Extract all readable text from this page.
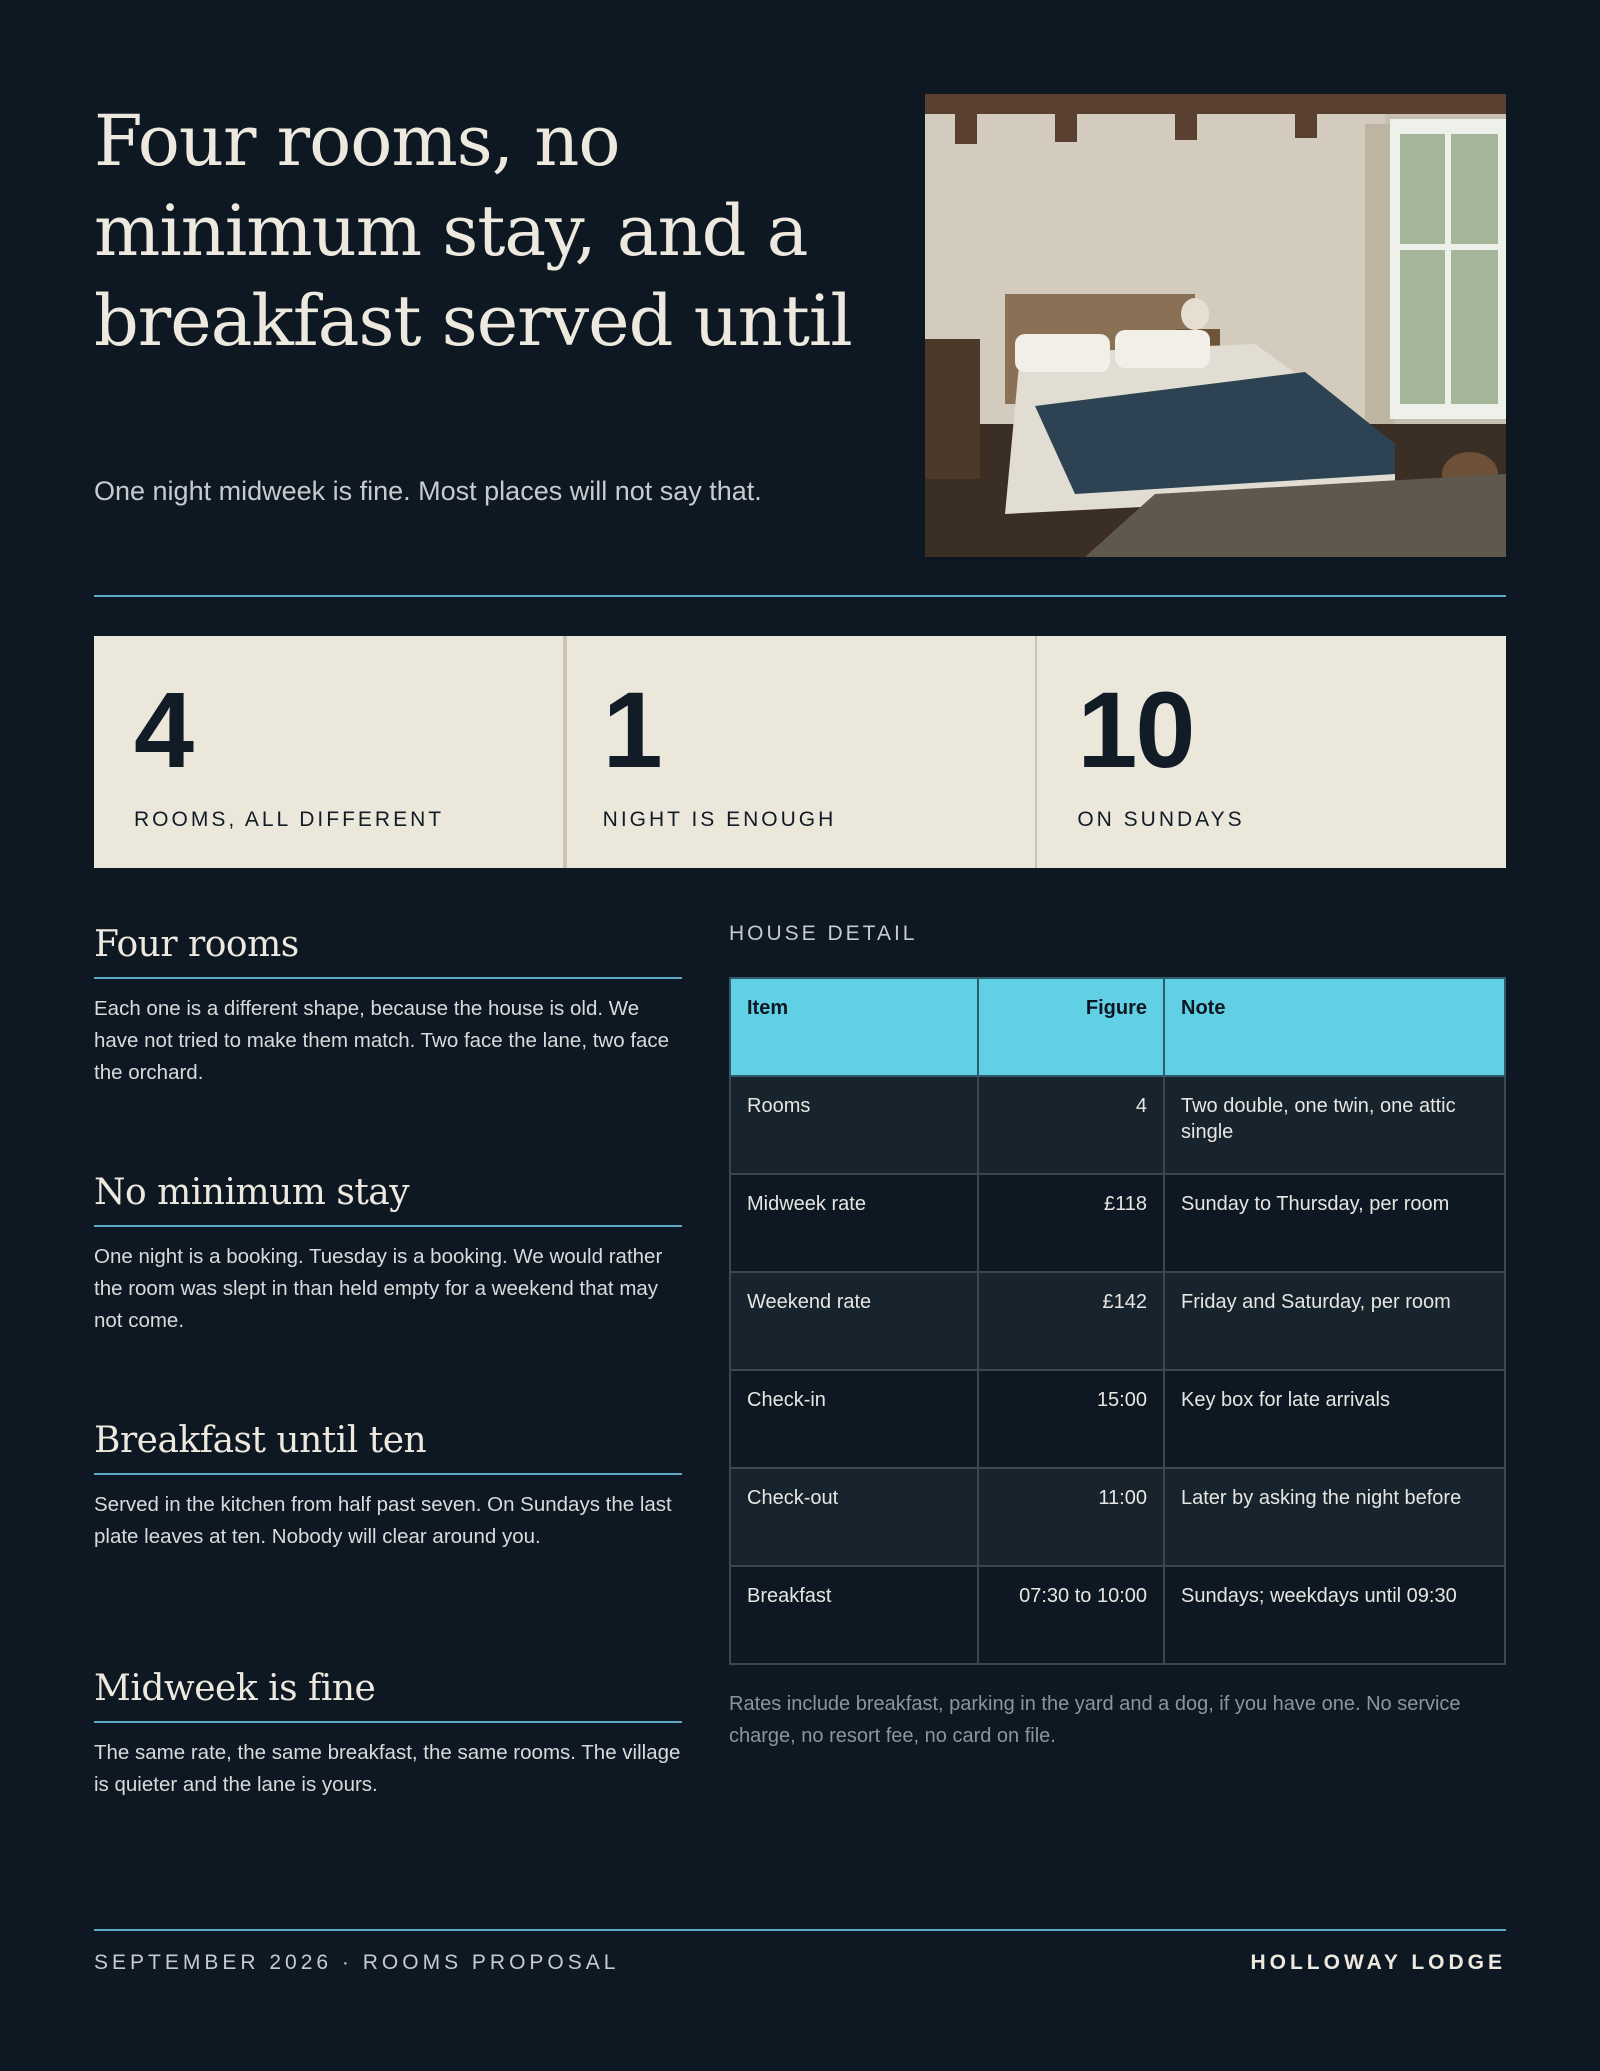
Four rooms, no minimum stay, and a breakfast served until

One night midweek is fine. Most places will not say that.

4
ROOMS, ALL DIFFERENT
1
NIGHT IS ENOUGH
10
ON SUNDAYS
Four rooms

Each one is a different shape, because the house is old. We have not tried to make them match. Two face the lane, two face the orchard.

No minimum stay

One night is a booking. Tuesday is a booking. We would rather the room was slept in than held empty for a weekend that may not come.

Breakfast until ten

Served in the kitchen from half past seven. On Sundays the last plate leaves at ten. Nobody will clear around you.

Midweek is fine

The same rate, the same breakfast, the same rooms. The village is quieter and the lane is yours.

HOUSE DETAIL
Item	Figure	Note
Rooms	4	Two double, one twin, one attic single
Midweek rate	£118	Sunday to Thursday, per room
Weekend rate	£142	Friday and Saturday, per room
Check-in	15:00	Key box for late arrivals
Check-out	11:00	Later by asking the night before
Breakfast	07:30 to 10:00	Sundays; weekdays until 09:30

Rates include breakfast, parking in the yard and a dog, if you have one. No service charge, no resort fee, no card on file.

SEPTEMBER 2026 · ROOMS PROPOSAL	HOLLOWAY LODGE
